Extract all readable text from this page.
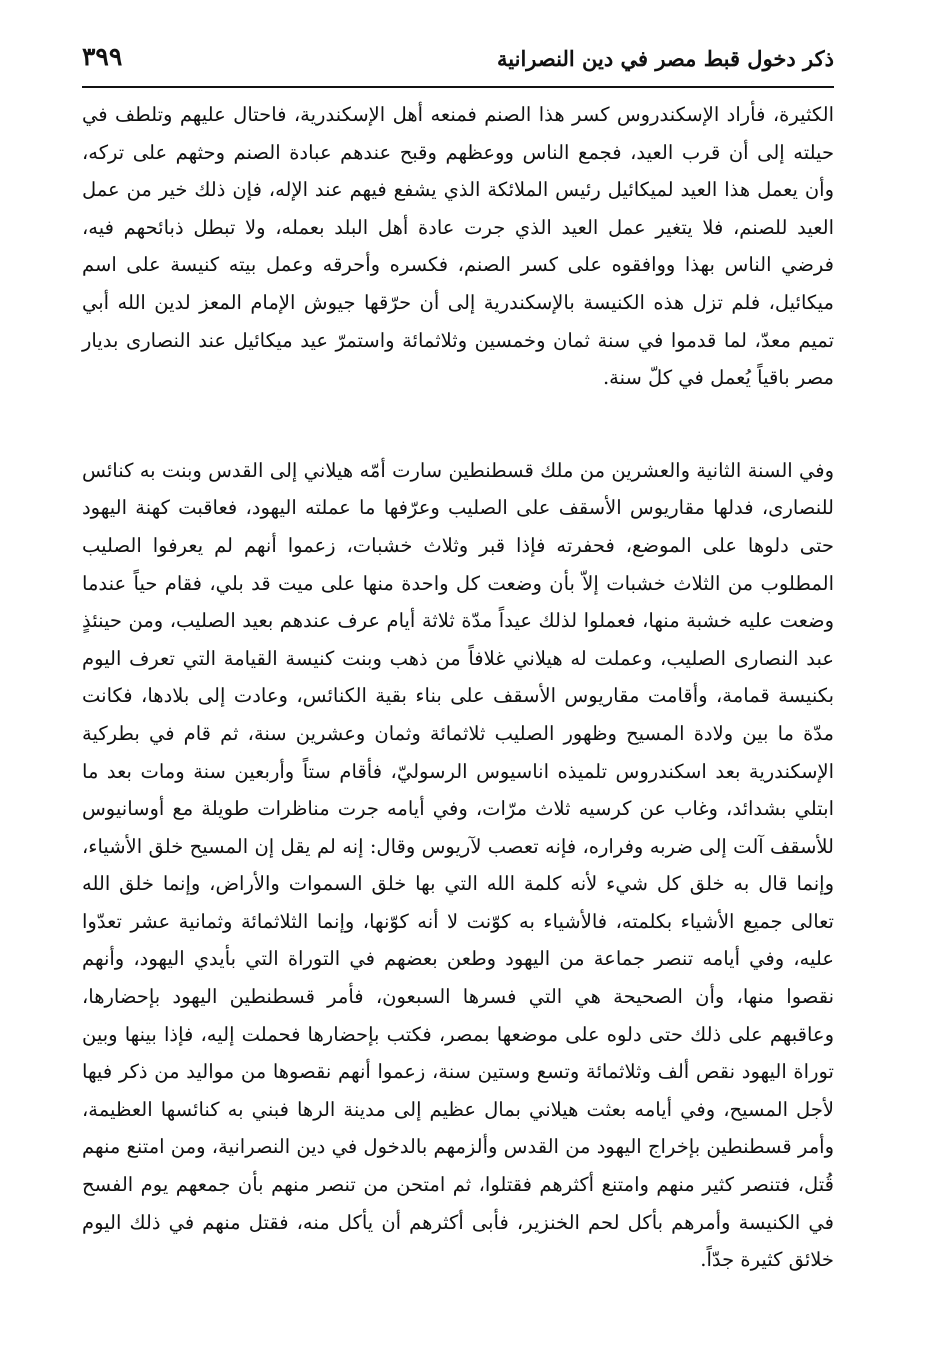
ذكر دخول قبط مصر في دين النصرانية
٣٩٩

الكثيرة، فأراد الإسكندروس كسر هذا الصنم فمنعه أهل الإسكندرية، فاحتال عليهم وتلطف في حيلته إلى أن قرب العيد، فجمع الناس ووعظهم وقبح عندهم عبادة الصنم وحثهم على تركه، وأن يعمل هذا العيد لميكائيل رئيس الملائكة الذي يشفع فيهم عند الإله، فإن ذلك خير من عمل العيد للصنم، فلا يتغير عمل العيد الذي جرت عادة أهل البلد بعمله، ولا تبطل ذبائحهم فيه، فرضي الناس بهذا ووافقوه على كسر الصنم، فكسره وأحرقه وعمل بيته كنيسة على اسم ميكائيل، فلم تزل هذه الكنيسة بالإسكندرية إلى أن حرّقها جيوش الإمام المعز لدين الله أبي تميم معدّ، لما قدموا في سنة ثمان وخمسين وثلاثمائة واستمرّ عيد ميكائيل عند النصارى بديار مصر باقياً يُعمل في كلّ سنة.

وفي السنة الثانية والعشرين من ملك قسطنطين سارت أمّه هيلاني إلى القدس وبنت به كنائس للنصارى، فدلها مقاريوس الأسقف على الصليب وعرّفها ما عملته اليهود، فعاقبت كهنة اليهود حتى دلوها على الموضع، فحفرته فإذا قبر وثلاث خشبات، زعموا أنهم لم يعرفوا الصليب المطلوب من الثلاث خشبات إلاّ بأن وضعت كل واحدة منها على ميت قد بلي، فقام حياً عندما وضعت عليه خشبة منها، فعملوا لذلك عيداً مدّة ثلاثة أيام عرف عندهم بعيد الصليب، ومن حينئذٍ عبد النصارى الصليب، وعملت له هيلاني غلافاً من ذهب وبنت كنيسة القيامة التي تعرف اليوم بكنيسة قمامة، وأقامت مقاريوس الأسقف على بناء بقية الكنائس، وعادت إلى بلادها، فكانت مدّة ما بين ولادة المسيح وظهور الصليب ثلاثمائة وثمان وعشرين سنة، ثم قام في بطركية الإسكندرية بعد اسكندروس تلميذه اناسيوس الرسوليّ، فأقام ستاً وأربعين سنة ومات بعد ما ابتلي بشدائد، وغاب عن كرسيه ثلاث مرّات، وفي أيامه جرت مناظرات طويلة مع أوسانيوس للأسقف آلت إلى ضربه وفراره، فإنه تعصب لآريوس وقال: إنه لم يقل إن المسيح خلق الأشياء، وإنما قال به خلق كل شيء لأنه كلمة الله التي بها خلق السموات والأراض، وإنما خلق الله تعالى جميع الأشياء بكلمته، فالأشياء به كوّنت لا أنه كوّنها، وإنما الثلاثمائة وثمانية عشر تعدّوا عليه، وفي أيامه تنصر جماعة من اليهود وطعن بعضهم في التوراة التي بأيدي اليهود، وأنهم نقصوا منها، وأن الصحيحة هي التي فسرها السبعون، فأمر قسطنطين اليهود بإحضارها، وعاقبهم على ذلك حتى دلوه على موضعها بمصر، فكتب بإحضارها فحملت إليه، فإذا بينها وبين توراة اليهود نقص ألف وثلاثمائة وتسع وستين سنة، زعموا أنهم نقصوها من مواليد من ذكر فيها لأجل المسيح، وفي أيامه بعثت هيلاني بمال عظيم إلى مدينة الرها فبني به كنائسها العظيمة، وأمر قسطنطين بإخراج اليهود من القدس وألزمهم بالدخول في دين النصرانية، ومن امتنع منهم قُتل، فتنصر كثير منهم وامتنع أكثرهم فقتلوا، ثم امتحن من تنصر منهم بأن جمعهم يوم الفسح في الكنيسة وأمرهم بأكل لحم الخنزير، فأبى أكثرهم أن يأكل منه، فقتل منهم في ذلك اليوم خلائق كثيرة جدّاً.
